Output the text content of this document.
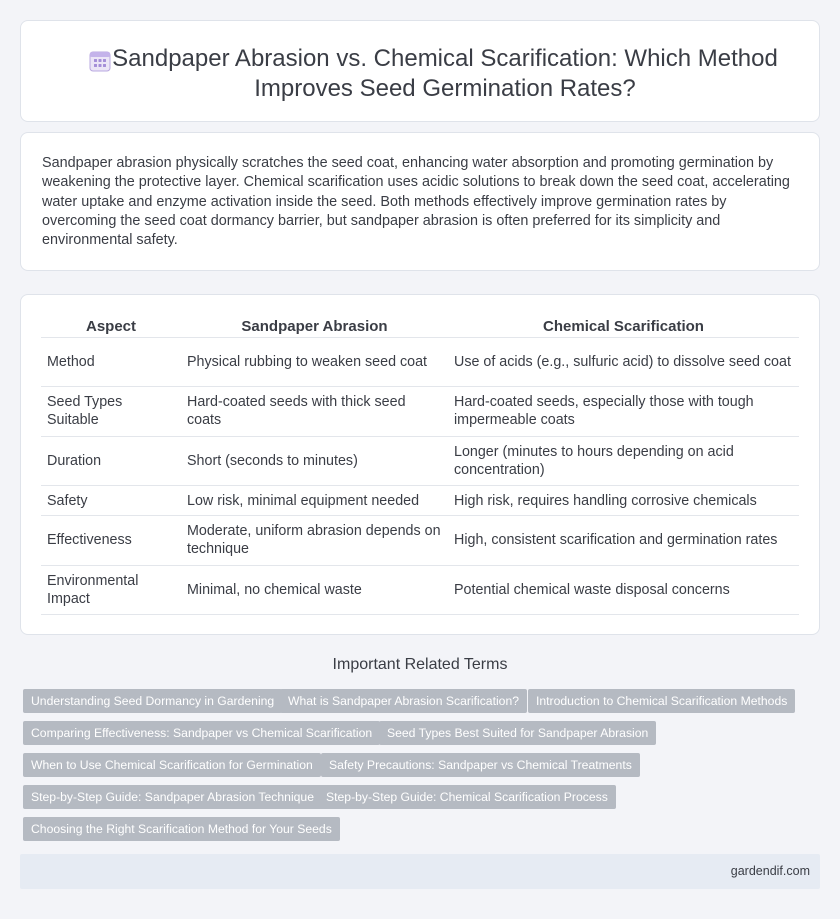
Sandpaper Abrasion vs. Chemical Scarification: Which Method Improves Seed Germination Rates?

Sandpaper abrasion physically scratches the seed coat, enhancing water absorption and promoting germination by weakening the protective layer. Chemical scarification uses acidic solutions to break down the seed coat, accelerating water uptake and enzyme activation inside the seed. Both methods effectively improve germination rates by overcoming the seed coat dormancy barrier, but sandpaper abrasion is often preferred for its simplicity and environmental safety.

Aspect	Sandpaper Abrasion	Chemical Scarification
Method	Physical rubbing to weaken seed coat	Use of acids (e.g., sulfuric acid) to dissolve seed coat
Seed Types Suitable	Hard-coated seeds with thick seed coats	Hard-coated seeds, especially those with tough impermeable coats
Duration	Short (seconds to minutes)	Longer (minutes to hours depending on acid concentration)
Safety	Low risk, minimal equipment needed	High risk, requires handling corrosive chemicals
Effectiveness	Moderate, uniform abrasion depends on technique	High, consistent scarification and germination rates
Environmental Impact	Minimal, no chemical waste	Potential chemical waste disposal concerns
Important Related Terms
Understanding Seed Dormancy in Gardening	What is Sandpaper Abrasion Scarification?	Introduction to Chemical Scarification Methods
Comparing Effectiveness: Sandpaper vs Chemical Scarification	Seed Types Best Suited for Sandpaper Abrasion
When to Use Chemical Scarification for Germination	Safety Precautions: Sandpaper vs Chemical Treatments
Step-by-Step Guide: Sandpaper Abrasion Technique Step-by-Step Guide: Chemical Scarification Process
Choosing the Right Scarification Method for Your Seeds
gardendif.com
